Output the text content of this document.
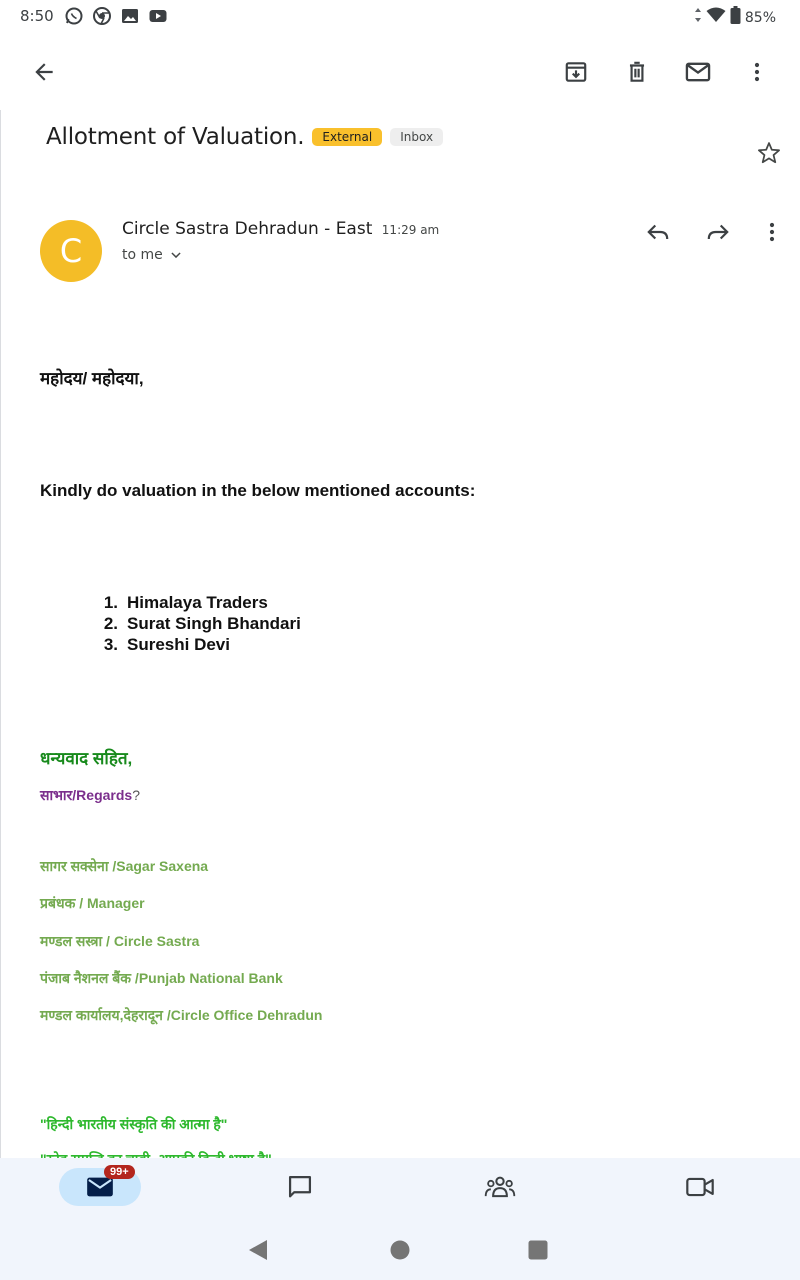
8:50	85%
Allotment of Valuation.	External	Inbox
C
Circle Sastra Dehradun - East 11:29 am
to me
महोदय/ महोदया,
Kindly do valuation in the below mentioned accounts:
1. Himalaya Traders
2. Surat Singh Bhandari
3. Sureshi Devi
धन्यवाद सहित,
साभार/Regards?
सागर सक्सेना /Sagar Saxena
प्रबंधक / Manager
मण्डल सस्त्रा / Circle Sastra
पंजाब नैशनल बैंक /Punjab National Bank
मण्डल कार्यालय,देहरादून /Circle Office Dehradun
"हिन्दी भारतीय संस्कृति की आत्मा है"
99+
